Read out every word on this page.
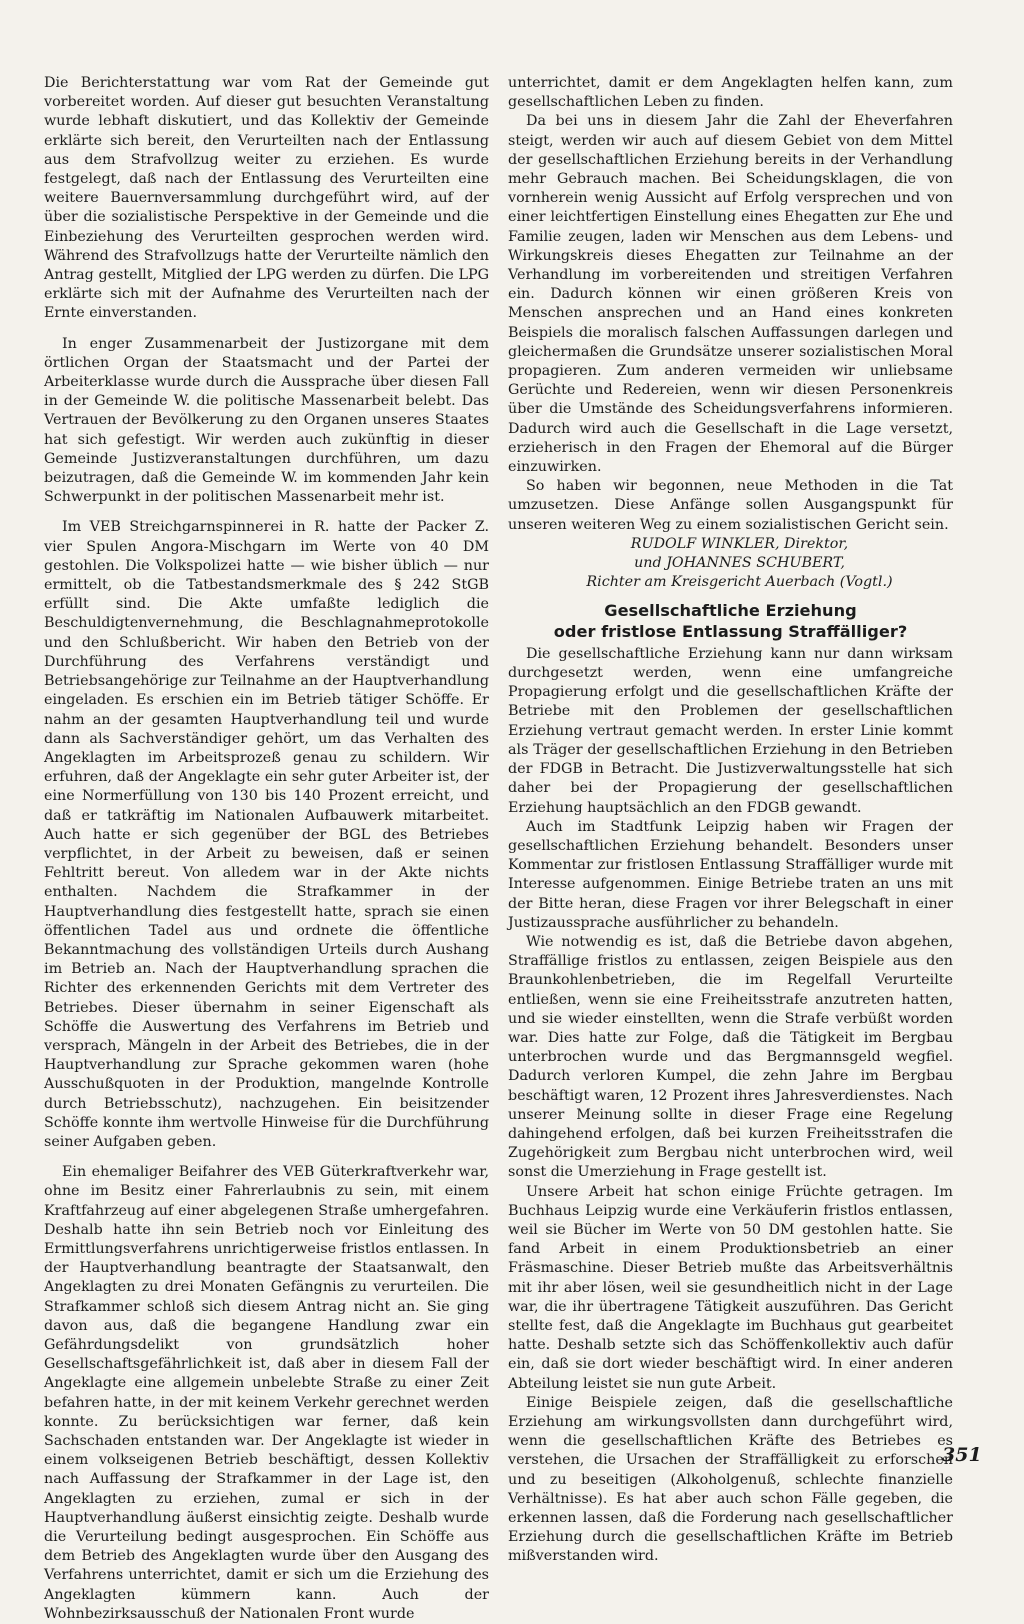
Die Berichterstattung war vom Rat der Gemeinde gut vorbereitet worden. Auf dieser gut besuchten Veranstaltung wurde lebhaft diskutiert, und das Kollektiv der Gemeinde erklärte sich bereit, den Verurteilten nach der Entlassung aus dem Strafvollzug weiter zu erziehen. Es wurde festgelegt, daß nach der Entlassung des Verurteilten eine weitere Bauernversammlung durchgeführt wird, auf der über die sozialistische Perspektive in der Gemeinde und die Einbeziehung des Verurteilten gesprochen werden wird. Während des Strafvollzugs hatte der Verurteilte nämlich den Antrag gestellt, Mitglied der LPG werden zu dürfen. Die LPG erklärte sich mit der Aufnahme des Verurteilten nach der Ernte einverstanden.

In enger Zusammenarbeit der Justizorgane mit dem örtlichen Organ der Staatsmacht und der Partei der Arbeiterklasse wurde durch die Aussprache über diesen Fall in der Gemeinde W. die politische Massenarbeit belebt. Das Vertrauen der Bevölkerung zu den Organen unseres Staates hat sich gefestigt. Wir werden auch zukünftig in dieser Gemeinde Justizveranstaltungen durchführen, um dazu beizutragen, daß die Gemeinde W. im kommenden Jahr kein Schwerpunkt in der politischen Massenarbeit mehr ist.

Im VEB Streichgarnspinnerei in R. hatte der Packer Z. vier Spulen Angora-Mischgarn im Werte von 40 DM gestohlen. Die Volkspolizei hatte — wie bisher üblich — nur ermittelt, ob die Tatbestandsmerkmale des § 242 StGB erfüllt sind. Die Akte umfaßte lediglich die Beschuldigtenvernehmung, die Beschlagnahmeprotokolle und den Schlußbericht. Wir haben den Betrieb von der Durchführung des Verfahrens verständigt und Betriebsangehörige zur Teilnahme an der Hauptverhandlung eingeladen. Es erschien ein im Betrieb tätiger Schöffe. Er nahm an der gesamten Hauptverhandlung teil und wurde dann als Sachverständiger gehört, um das Verhalten des Angeklagten im Arbeitsprozeß genau zu schildern. Wir erfuhren, daß der Angeklagte ein sehr guter Arbeiter ist, der eine Normerfüllung von 130 bis 140 Prozent erreicht, und daß er tatkräftig im Nationalen Aufbauwerk mitarbeitet. Auch hatte er sich gegenüber der BGL des Betriebes verpflichtet, in der Arbeit zu beweisen, daß er seinen Fehltritt bereut. Von alledem war in der Akte nichts enthalten. Nachdem die Strafkammer in der Hauptverhandlung dies festgestellt hatte, sprach sie einen öffentlichen Tadel aus und ordnete die öffentliche Bekanntmachung des vollständigen Urteils durch Aushang im Betrieb an. Nach der Hauptverhandlung sprachen die Richter des erkennenden Gerichts mit dem Vertreter des Betriebes. Dieser übernahm in seiner Eigenschaft als Schöffe die Auswertung des Verfahrens im Betrieb und versprach, Mängeln in der Arbeit des Betriebes, die in der Hauptverhandlung zur Sprache gekommen waren (hohe Ausschußquoten in der Produktion, mangelnde Kontrolle durch Betriebsschutz), nachzugehen. Ein beisitzender Schöffe konnte ihm wertvolle Hinweise für die Durchführung seiner Aufgaben geben.

Ein ehemaliger Beifahrer des VEB Güterkraftverkehr war, ohne im Besitz einer Fahrerlaubnis zu sein, mit einem Kraftfahrzeug auf einer abgelegenen Straße umhergefahren. Deshalb hatte ihn sein Betrieb noch vor Einleitung des Ermittlungsverfahrens unrichtigerweise fristlos entlassen. In der Hauptverhandlung beantragte der Staatsanwalt, den Angeklagten zu drei Monaten Gefängnis zu verurteilen. Die Strafkammer schloß sich diesem Antrag nicht an. Sie ging davon aus, daß die begangene Handlung zwar ein Gefährdungsdelikt von grundsätzlich hoher Gesellschaftsgefährlichkeit ist, daß aber in diesem Fall der Angeklagte eine allgemein unbelebte Straße zu einer Zeit befahren hatte, in der mit keinem Verkehr gerechnet werden konnte. Zu berücksichtigen war ferner, daß kein Sachschaden entstanden war. Der Angeklagte ist wieder in einem volkseigenen Betrieb beschäftigt, dessen Kollektiv nach Auffassung der Strafkammer in der Lage ist, den Angeklagten zu erziehen, zumal er sich in der Hauptverhandlung äußerst einsichtig zeigte. Deshalb wurde die Verurteilung bedingt ausgesprochen. Ein Schöffe aus dem Betrieb des Angeklagten wurde über den Ausgang des Verfahrens unterrichtet, damit er sich um die Erziehung des Angeklagten kümmern kann. Auch der Wohnbezirksausschuß der Nationalen Front wurde

unterrichtet, damit er dem Angeklagten helfen kann, zum gesellschaftlichen Leben zu finden.

Da bei uns in diesem Jahr die Zahl der Eheverfahren steigt, werden wir auch auf diesem Gebiet von dem Mittel der gesellschaftlichen Erziehung bereits in der Verhandlung mehr Gebrauch machen. Bei Scheidungsklagen, die von vornherein wenig Aussicht auf Erfolg versprechen und von einer leichtfertigen Einstellung eines Ehegatten zur Ehe und Familie zeugen, laden wir Menschen aus dem Lebens- und Wirkungskreis dieses Ehegatten zur Teilnahme an der Verhandlung im vorbereitenden und streitigen Verfahren ein. Dadurch können wir einen größeren Kreis von Menschen ansprechen und an Hand eines konkreten Beispiels die moralisch falschen Auffassungen darlegen und gleichermaßen die Grundsätze unserer sozialistischen Moral propagieren. Zum anderen vermeiden wir unliebsame Gerüchte und Redereien, wenn wir diesen Personenkreis über die Umstände des Scheidungsverfahrens informieren. Dadurch wird auch die Gesellschaft in die Lage versetzt, erzieherisch in den Fragen der Ehemoral auf die Bürger einzuwirken.

So haben wir begonnen, neue Methoden in die Tat umzusetzen. Diese Anfänge sollen Ausgangspunkt für unseren weiteren Weg zu einem sozialistischen Gericht sein.

RUDOLF WINKLER, Direktor,

und JOHANNES SCHUBERT,

Richter am Kreisgericht Auerbach (Vogtl.)

Gesellschaftliche Erziehung
oder fristlose Entlassung Straffälliger?

Die gesellschaftliche Erziehung kann nur dann wirksam durchgesetzt werden, wenn eine umfangreiche Propagierung erfolgt und die gesellschaftlichen Kräfte der Betriebe mit den Problemen der gesellschaftlichen Erziehung vertraut gemacht werden. In erster Linie kommt als Träger der gesellschaftlichen Erziehung in den Betrieben der FDGB in Betracht. Die Justizverwaltungsstelle hat sich daher bei der Propagierung der gesellschaftlichen Erziehung hauptsächlich an den FDGB gewandt.

Auch im Stadtfunk Leipzig haben wir Fragen der gesellschaftlichen Erziehung behandelt. Besonders unser Kommentar zur fristlosen Entlassung Straffälliger wurde mit Interesse aufgenommen. Einige Betriebe traten an uns mit der Bitte heran, diese Fragen vor ihrer Belegschaft in einer Justizaussprache ausführlicher zu behandeln.

Wie notwendig es ist, daß die Betriebe davon abgehen, Straffällige fristlos zu entlassen, zeigen Beispiele aus den Braunkohlenbetrieben, die im Regelfall Verurteilte entließen, wenn sie eine Freiheitsstrafe anzutreten hatten, und sie wieder einstellten, wenn die Strafe verbüßt worden war. Dies hatte zur Folge, daß die Tätigkeit im Bergbau unterbrochen wurde und das Bergmannsgeld wegfiel. Dadurch verloren Kumpel, die zehn Jahre im Bergbau beschäftigt waren, 12 Prozent ihres Jahresverdienstes. Nach unserer Meinung sollte in dieser Frage eine Regelung dahingehend erfolgen, daß bei kurzen Freiheitsstrafen die Zugehörigkeit zum Bergbau nicht unterbrochen wird, weil sonst die Umerziehung in Frage gestellt ist.

Unsere Arbeit hat schon einige Früchte getragen. Im Buchhaus Leipzig wurde eine Verkäuferin fristlos entlassen, weil sie Bücher im Werte von 50 DM gestohlen hatte. Sie fand Arbeit in einem Produktionsbetrieb an einer Fräsmaschine. Dieser Betrieb mußte das Arbeitsverhältnis mit ihr aber lösen, weil sie gesundheitlich nicht in der Lage war, die ihr übertragene Tätigkeit auszuführen. Das Gericht stellte fest, daß die Angeklagte im Buchhaus gut gearbeitet hatte. Deshalb setzte sich das Schöffenkollektiv auch dafür ein, daß sie dort wieder beschäftigt wird. In einer anderen Abteilung leistet sie nun gute Arbeit.

Einige Beispiele zeigen, daß die gesellschaftliche Erziehung am wirkungsvollsten dann durchgeführt wird, wenn die gesellschaftlichen Kräfte des Betriebes es verstehen, die Ursachen der Straffälligkeit zu erforschen und zu beseitigen (Alkoholgenuß, schlechte finanzielle Verhältnisse). Es hat aber auch schon Fälle gegeben, die erkennen lassen, daß die Forderung nach gesellschaftlicher Erziehung durch die gesellschaftlichen Kräfte im Betrieb mißverstanden wird.

351
